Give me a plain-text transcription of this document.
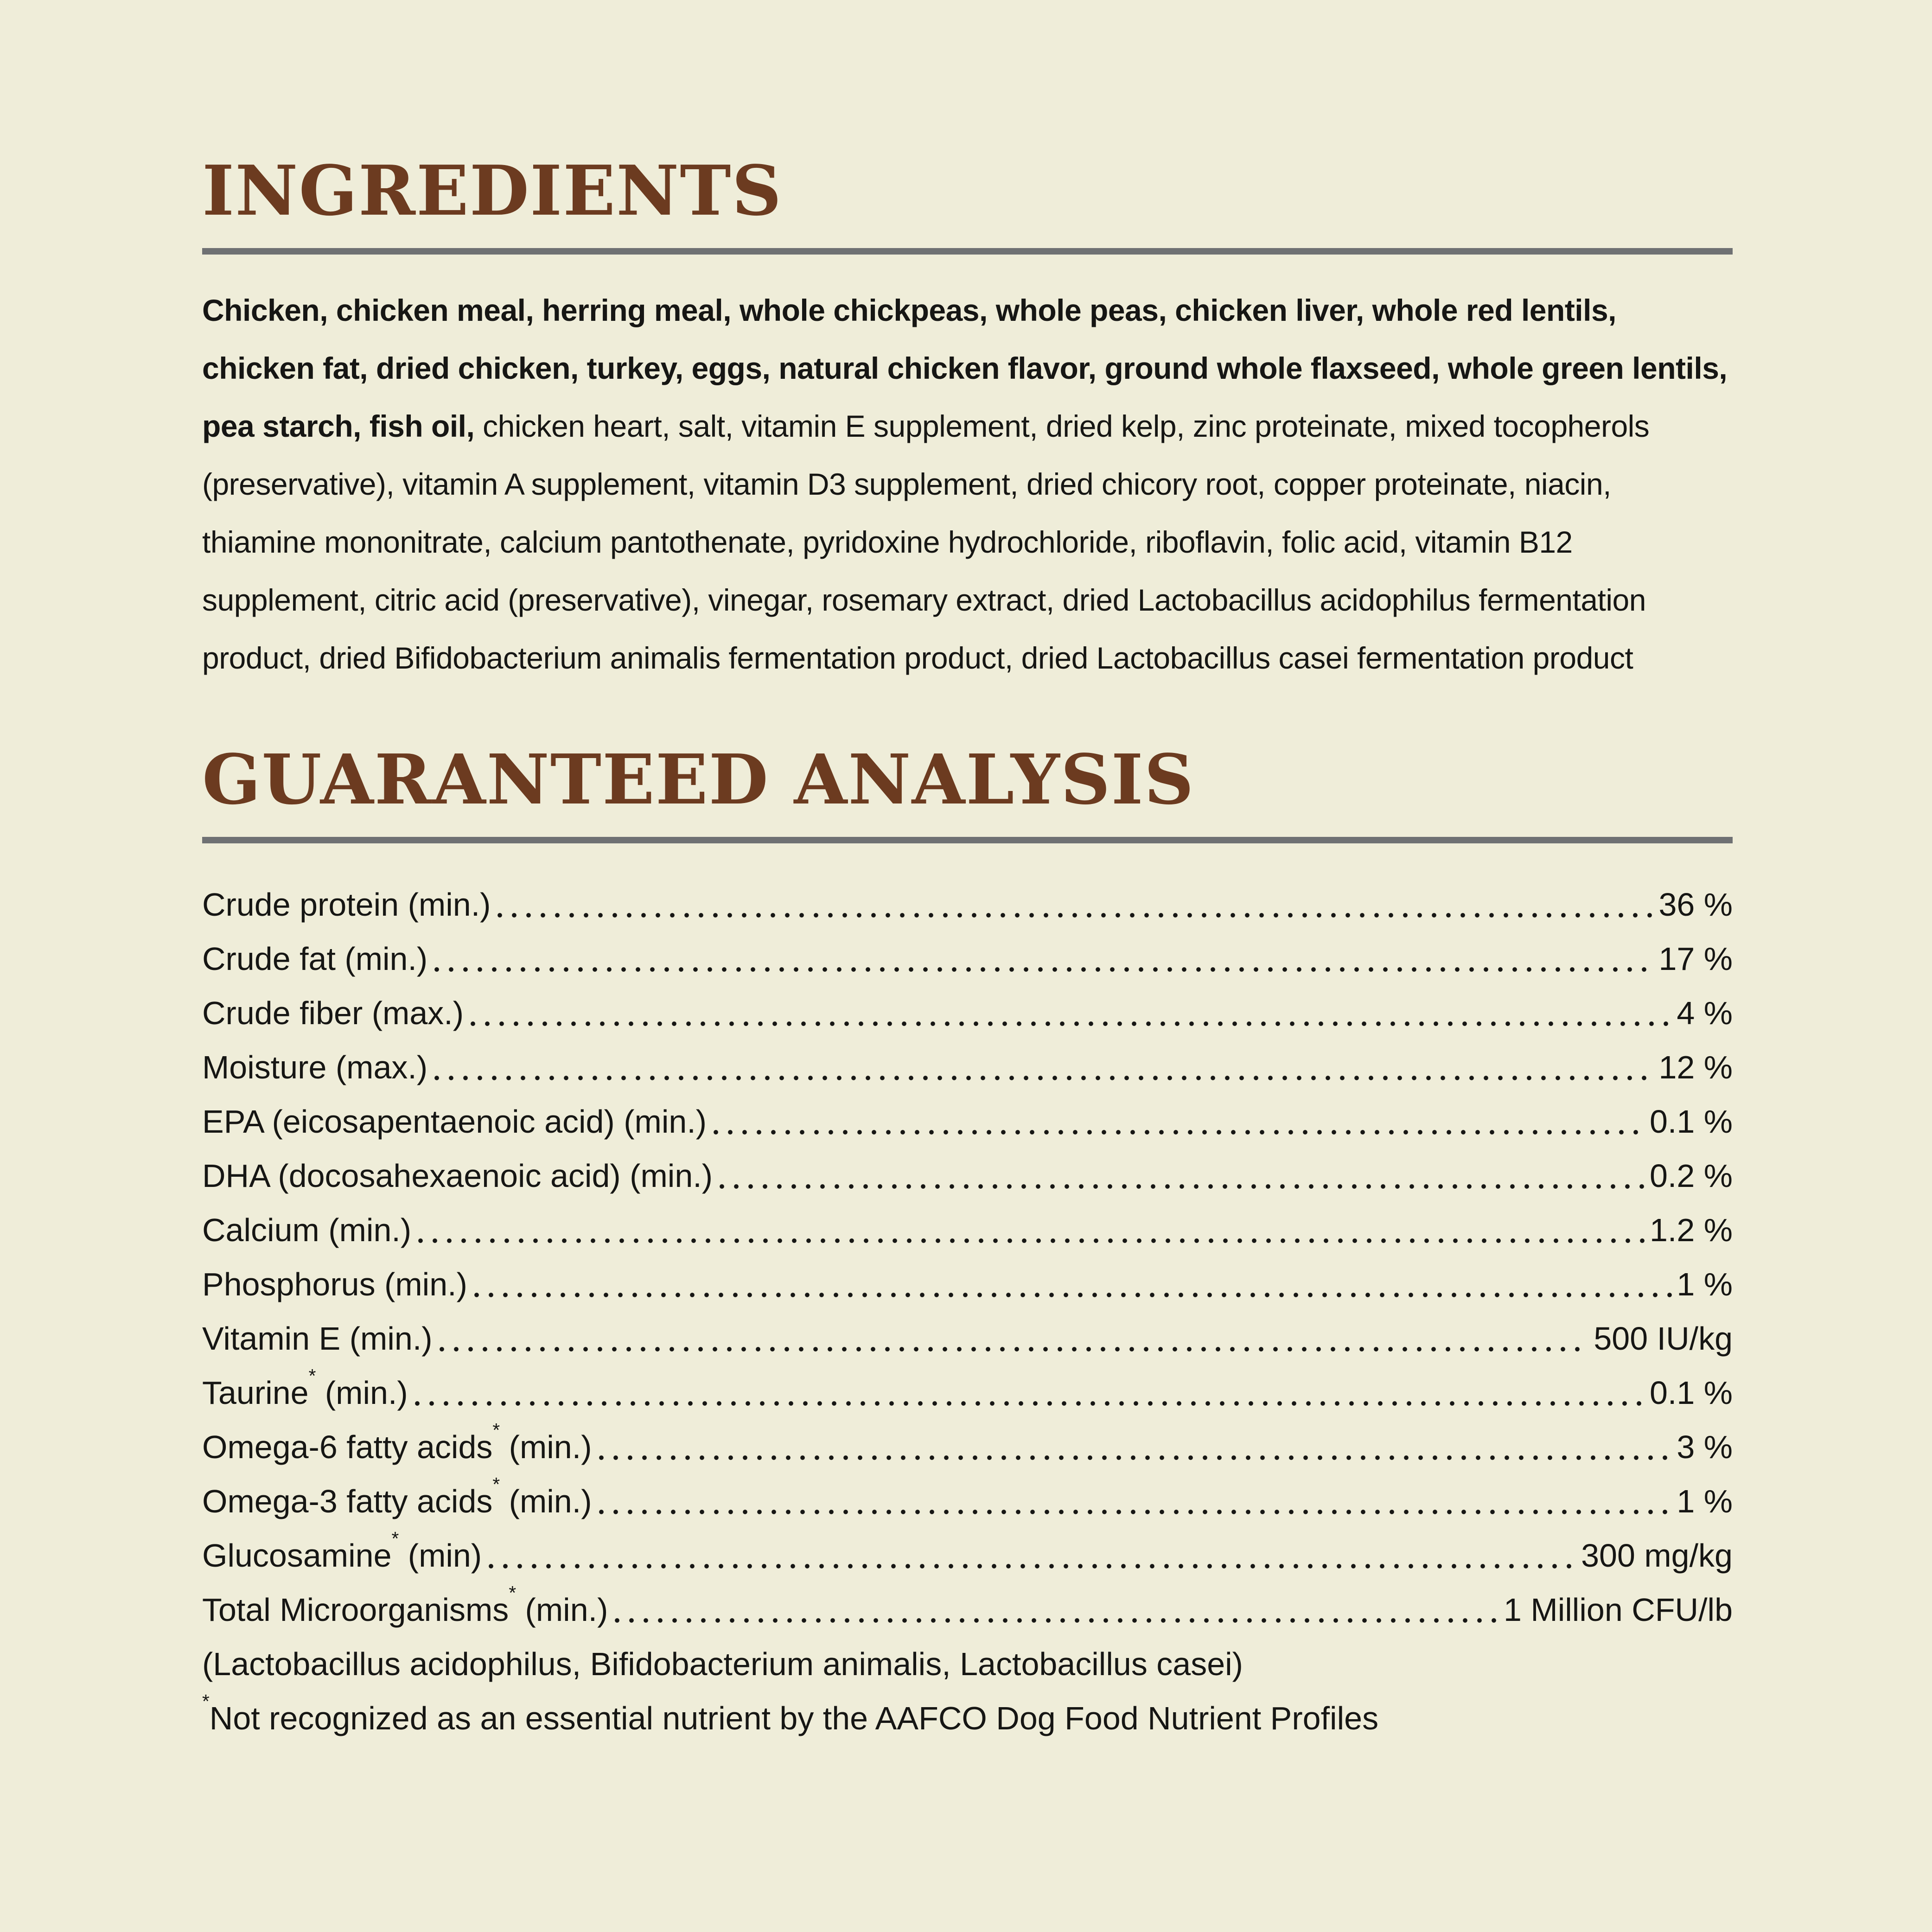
INGREDIENTS

Chicken, chicken meal, herring meal, whole chickpeas, whole peas, chicken liver, whole red lentils, chicken fat, dried chicken, turkey, eggs, natural chicken flavor, ground whole flaxseed, whole green lentils, pea starch, fish oil, chicken heart, salt, vitamin E supplement, dried kelp, zinc proteinate, mixed tocopherols (preservative), vitamin A supplement, vitamin D3 supplement, dried chicory root, copper proteinate, niacin, thiamine mononitrate, calcium pantothenate, pyridoxine hydrochloride, riboflavin, folic acid, vitamin B12 supplement, citric acid (preservative), vinegar, rosemary extract, dried Lactobacillus acidophilus fermentation product, dried Bifidobacterium animalis fermentation product, dried Lactobacillus casei fermentation product

GUARANTEED ANALYSIS
Crude protein (min.)	36 %
Crude fat (min.)	17 %
Crude fiber (max.)	4 %
Moisture (max.)	12 %
EPA (eicosapentaenoic acid) (min.)	0.1 %
DHA (docosahexaenoic acid) (min.)	0.2 %
Calcium (min.)	1.2 %
Phosphorus (min.)	1 %
Vitamin E (min.)	500 IU/kg
Taurine* (min.)	0.1 %
Omega-6 fatty acids* (min.)	3 %
Omega-3 fatty acids* (min.)	1 %
Glucosamine* (min)	300 mg/kg
Total Microorganisms* (min.)	1 Million CFU/lb
(Lactobacillus acidophilus, Bifidobacterium animalis, Lactobacillus casei)
*Not recognized as an essential nutrient by the AAFCO Dog Food Nutrient Profiles
